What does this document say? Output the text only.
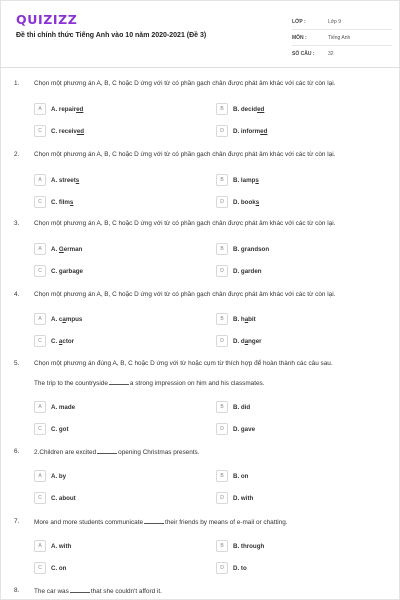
QUIZIZZ
Đề thi chính thức Tiếng Anh vào 10 năm 2020-2021 (Đề 3)
LỚP :	Lớp 9
MÔN :	Tiếng Anh
SỐ CÂU :	32
1. Chọn một phương án A, B, C hoặc D ứng với từ có phần gạch chân được phát âm khác với các từ còn lại.
A	A. repaired	B	B. decided
C	C. received	D	D. informed
2. Chọn một phương án A, B, C hoặc D ứng với từ có phần gạch chân được phát âm khác với các từ còn lại.
A	A. streets	B	B. lamps
C	C. films	D	D. books
3. Chọn một phương án A, B, C hoặc D ứng với từ có phần gạch chân được phát âm khác với các từ còn lại.
A	A. German	B	B. grandson
C	C. garbage	D	D. garden
4. Chọn một phương án A, B, C hoặc D ứng với từ có phần gạch chân được phát âm khác với các từ còn lại.
A	A. campus	B	B. habit
C	C. actor	D	D. danger
5. Chọn một phương án đúng A, B, C hoặc D ứng với từ hoặc cụm từ thích hợp để hoàn thành các câu sau.
The trip to the countryside	a strong impression on him and his classmates.
A	A. made	B	B. did
C	C. got	D	D. gave
6. 2.Children are excited	opening Christmas presents.
A	A. by	B	B. on
C	C. about	D	D. with
7. More and more students communicate	their friends by means of e-mail or chatting.
A	A. with	B	B. through
C	C. on	D	D. to
8. The car was	that she couldn't afford it.
